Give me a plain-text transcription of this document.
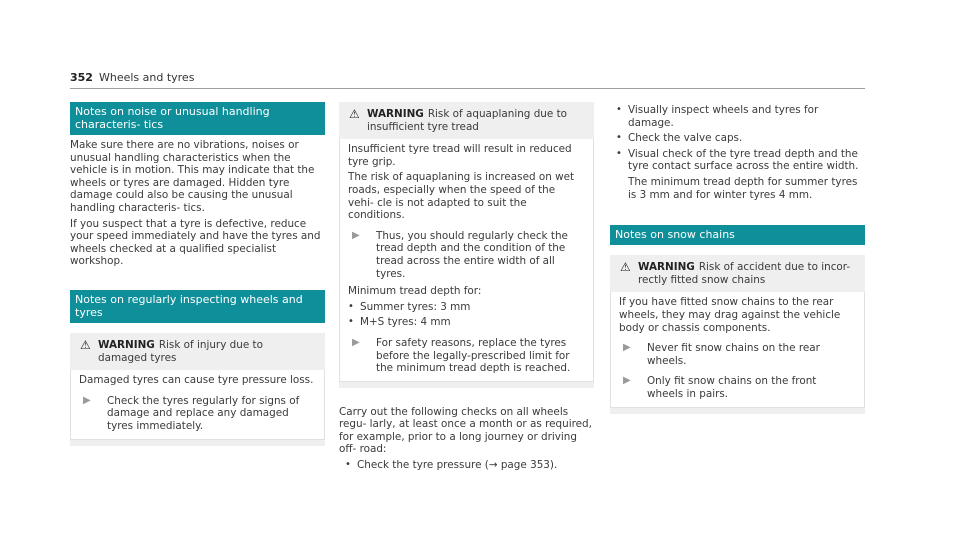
352 Wheels and tyres
Notes on noise or unusual handling characteris- tics

Make sure there are no vibrations, noises or unusual handling characteristics when the vehicle is in motion. This may indicate that the wheels or tyres are damaged. Hidden tyre damage could also be causing the unusual handling characteris- tics.

If you suspect that a tyre is defective, reduce your speed immediately and have the tyres and wheels checked at a qualified specialist workshop.

Notes on regularly inspecting wheels and tyres
⚠ WARNING Risk of injury due to damaged tyres

Damaged tyres can cause tyre pressure loss.

▶	Check the tyres regularly for signs of damage and replace any damaged tyres immediately.

⚠ WARNING Risk of aquaplaning due to insufficient tyre tread

Insufficient tyre tread will result in reduced tyre grip.

The risk of aquaplaning is increased on wet roads, especially when the speed of the vehi- cle is not adapted to suit the conditions.

▶	Thus, you should regularly check the tread depth and the condition of the tread across the entire width of all tyres.

Minimum tread depth for:

• Summer tyres: 3 mm
• M+S tyres: 4 mm
▶	For safety reasons, replace the tyres before the legally-prescribed limit for the minimum tread depth is reached.

Carry out the following checks on all wheels regu- larly, at least once a month or as required, for example, prior to a long journey or driving off- road:

• Check the tyre pressure (→ page 353).
• Visually inspect wheels and tyres for damage.
• Check the valve caps.
• Visual check of the tyre tread depth and the tyre contact surface across the entire width.

The minimum tread depth for summer tyres is 3 mm and for winter tyres 4 mm.

Notes on snow chains
⚠ WARNING Risk of accident due to incor- rectly fitted snow chains

If you have fitted snow chains to the rear wheels, they may drag against the vehicle body or chassis components.

▶	Never fit snow chains on the rear wheels.

▶	Only fit snow chains on the front wheels in pairs.
